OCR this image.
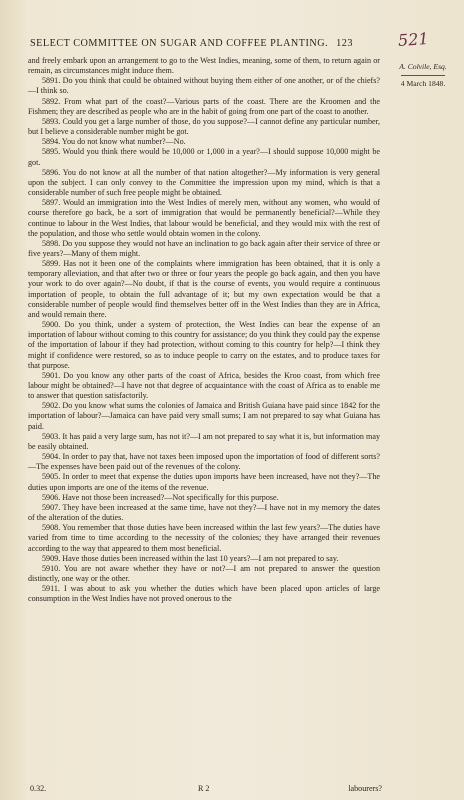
SELECT COMMITTEE ON SUGAR AND COFFEE PLANTING. 123	521
A. Colvile, Esq.
4 March 1848.

and freely embark upon an arrangement to go to the West Indies, meaning, some of them, to return again or remain, as circumstances might induce them.

5891. Do you think that could be obtained without buying them either of one another, or of the chiefs?—I think so.

5892. From what part of the coast?—Various parts of the coast. There are the Kroomen and the Fishmen; they are described as people who are in the habit of going from one part of the coast to another.

5893. Could you get a large number of those, do you suppose?—I cannot define any particular number, but I believe a considerable number might be got.

5894. You do not know what number?—No.

5895. Would you think there would be 10,000 or 1,000 in a year?—I should suppose 10,000 might be got.

5896. You do not know at all the number of that nation altogether?—My information is very general upon the subject. I can only convey to the Committee the impression upon my mind, which is that a considerable number of such free people might be obtained.

5897. Would an immigration into the West Indies of merely men, without any women, who would of course therefore go back, be a sort of immigration that would be permanently beneficial?—While they continue to labour in the West Indies, that labour would be beneficial, and they would mix with the rest of the population, and those who settle would obtain women in the colony.

5898. Do you suppose they would not have an inclination to go back again after their service of three or five years?—Many of them might.

5899. Has not it been one of the complaints where immigration has been obtained, that it is only a temporary alleviation, and that after two or three or four years the people go back again, and then you have your work to do over again?—No doubt, if that is the course of events, you would require a continuous importation of people, to obtain the full advantage of it; but my own expectation would be that a considerable number of people would find themselves better off in the West Indies than they are in Africa, and would remain there.

5900. Do you think, under a system of protection, the West Indies can bear the expense of an importation of labour without coming to this country for assistance; do you think they could pay the expense of the importation of labour if they had protection, without coming to this country for help?—I think they might if confidence were restored, so as to induce people to carry on the estates, and to produce taxes for that purpose.

5901. Do you know any other parts of the coast of Africa, besides the Kroo coast, from which free labour might be obtained?—I have not that degree of acquaintance with the coast of Africa as to enable me to answer that question satisfactorily.

5902. Do you know what sums the colonies of Jamaica and British Guiana have paid since 1842 for the importation of labour?—Jamaica can have paid very small sums; I am not prepared to say what Guiana has paid.

5903. It has paid a very large sum, has not it?—I am not prepared to say what it is, but information may be easily obtained.

5904. In order to pay that, have not taxes been imposed upon the importation of food of different sorts?—The expenses have been paid out of the revenues of the colony.

5905. In order to meet that expense the duties upon imports have been increased, have not they?—The duties upon imports are one of the items of the revenue.

5906. Have not those been increased?—Not specifically for this purpose.

5907. They have been increased at the same time, have not they?—I have not in my memory the dates of the alteration of the duties.

5908. You remember that those duties have been increased within the last few years?—The duties have varied from time to time according to the necessity of the colonies; they have arranged their revenues according to the way that appeared to them most beneficial.

5909. Have those duties been increased within the last 10 years?—I am not prepared to say.

5910. You are not aware whether they have or not?—I am not prepared to answer the question distinctly, one way or the other.

5911. I was about to ask you whether the duties which have been placed upon articles of large consumption in the West Indies have not proved onerous to the

0.32.	R 2	labourers?
